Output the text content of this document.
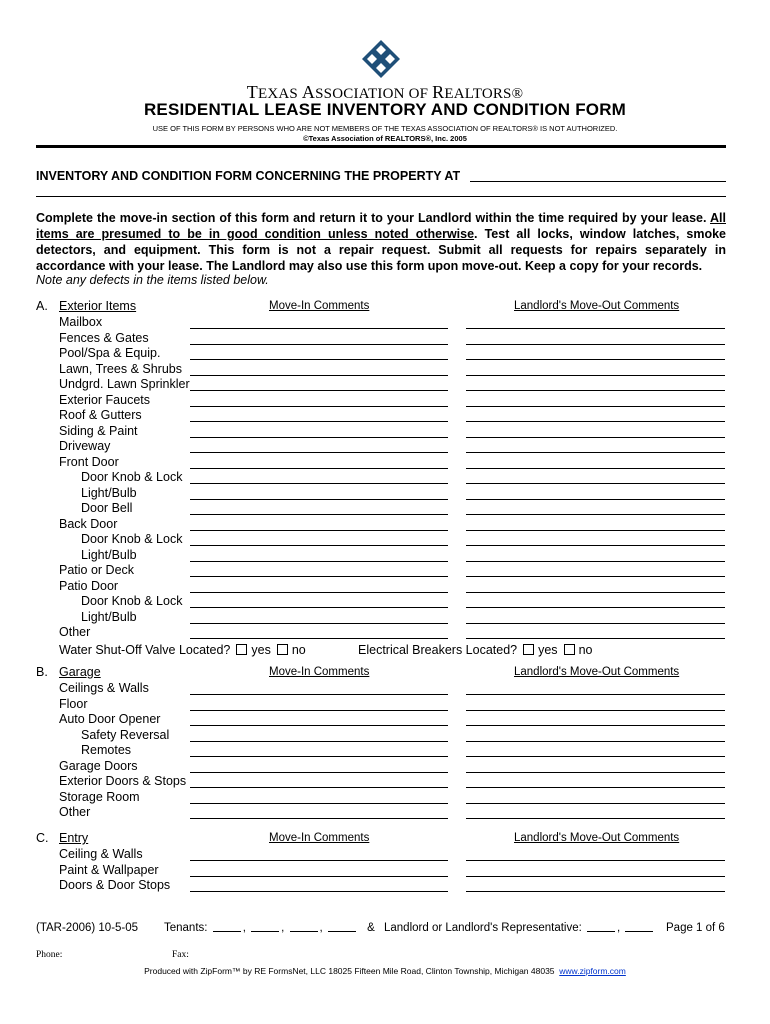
TEXAS ASSOCIATION OF REALTORS®
RESIDENTIAL LEASE INVENTORY AND CONDITION FORM
USE OF THIS FORM BY PERSONS WHO ARE NOT MEMBERS OF THE TEXAS ASSOCIATION OF REALTORS® IS NOT AUTHORIZED.
©Texas Association of REALTORS®, Inc. 2005
INVENTORY AND CONDITION FORM CONCERNING THE PROPERTY AT
Complete the move-in section of this form and return it to your Landlord within the time required by your lease. All items are presumed to be in good condition unless noted otherwise. Test all locks, window latches, smoke detectors, and equipment. This form is not a repair request. Submit all requests for repairs separately in accordance with your lease. The Landlord may also use this form upon move-out. Keep a copy for your records.
Note any defects in the items listed below.
A. Exterior Items	Move-In Comments	Landlord's Move-Out Comments
Mailbox
Fences & Gates
Pool/Spa & Equip.
Lawn, Trees & Shrubs
Undgrd. Lawn Sprinkler
Exterior Faucets
Roof & Gutters
Siding & Paint
Driveway
Front Door
Door Knob & Lock
Light/Bulb
Door Bell
Back Door
Door Knob & Lock
Light/Bulb
Patio or Deck
Patio Door
Door Knob & Lock
Light/Bulb
Other
Water Shut-Off Valve Located? yes no	Electrical Breakers Located? yes no
B. Garage	Move-In Comments	Landlord's Move-Out Comments
Ceilings & Walls
Floor
Auto Door Opener
Safety Reversal
Remotes
Garage Doors
Exterior Doors & Stops
Storage Room
Other
C. Entry	Move-In Comments	Landlord's Move-Out Comments
Ceiling & Walls
Paint & Wallpaper
Doors & Door Stops
(TAR-2006) 10-5-05 Tenants:	,	,	,	& Landlord or Landlord's Representative:	,	Page 1 of 6
Phone:	Fax:
Produced with ZipForm™ by RE FormsNet, LLC 18025 Fifteen Mile Road, Clinton Township, Michigan 48035 www.zipform.com
